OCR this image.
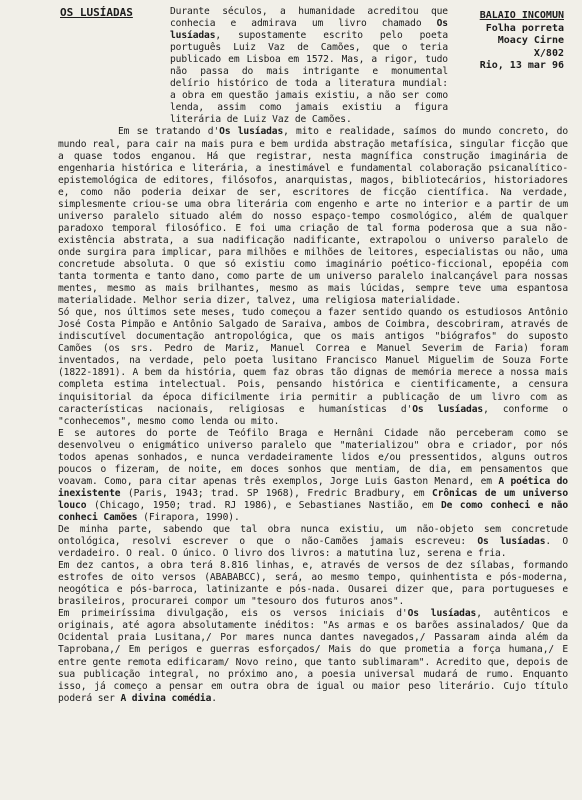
OS LUSÍADAS	BALAIO INCOMUN
Folha porreta
Moacy Cirne
X/802
Rio, 13 mar 96

Durante séculos, a humanidade acreditou que conhecia e admirava um livro chamado Os lusíadas, supostamente escrito pelo poeta português Luiz Vaz de Camões, que o teria publicado em Lisboa em 1572. Mas, a rigor, tudo não passa do mais intrigante e monumental delírio histórico de toda a literatura mundial: a obra em questão jamais existiu, a não ser como lenda, assim como jamais existiu a figura literária de Luiz Vaz de Camões.

Em se tratando d'Os lusíadas, mito e realidade, saímos do mundo concreto, do mundo real, para cair na mais pura e bem urdida abstração metafísica, singular ficção que a quase todos enganou. Há que registrar, nesta magnífica construção imaginária de engenharia histórica e literária, a inestimável e fundamental colaboração psicanalítico-epistemológica de editores, filósofos, anarquistas, magos, bibliotecários, historiadores e, como não poderia deixar de ser, escritores de ficção científica. Na verdade, simplesmente criou-se uma obra literária com engenho e arte no interior e a partir de um universo paralelo situado além do nosso espaço-tempo cosmológico, além de qualquer paradoxo temporal filosófico. E foi uma criação de tal forma poderosa que a sua não-existência abstrata, a sua nadificação nadificante, extrapolou o universo paralelo de onde surgira para implicar, para milhões e milhões de leitores, especialistas ou não, uma concretude absoluta. O que só existiu como imaginário poético-ficcional, epopéia com tanta tormenta e tanto dano, como parte de um universo paralelo inalcançável para nossas mentes, mesmo as mais brilhantes, mesmo as mais lúcidas, sempre teve uma espantosa materialidade. Melhor seria dizer, talvez, uma religiosa materialidade.

Só que, nos últimos sete meses, tudo começou a fazer sentido quando os estudiosos Antônio José Costa Pimpão e Antônio Salgado de Saraiva, ambos de Coimbra, descobriram, através de indiscutível documentação antropológica, que os mais antigos "biógrafos" do suposto Camões (os srs. Pedro de Mariz, Manuel Correa e Manuel Severim de Faria) foram inventados, na verdade, pelo poeta lusitano Francisco Manuel Miguelim de Souza Forte (1822-1891). A bem da história, quem faz obras tão dignas de memória merece a nossa mais completa estima intelectual. Pois, pensando histórica e cientificamente, a censura inquisitorial da época dificilmente iria permitir a publicação de um livro com as características nacionais, religiosas e humanísticas d'Os lusíadas, conforme o "conhecemos", mesmo como lenda ou mito.

E se autores do porte de Teófilo Braga e Hernâni Cidade não perceberam como se desenvolveu o enigmático universo paralelo que "materializou" obra e criador, por nós todos apenas sonhados, e nunca verdadeiramente lidos e/ou pressentidos, alguns outros poucos o fizeram, de noite, em doces sonhos que mentiam, de dia, em pensamentos que voavam. Como, para citar apenas três exemplos, Jorge Luis Gaston Menard, em A poética do inexistente (Paris, 1943; trad. SP 1968), Fredric Bradbury, em Crônicas de um universo louco (Chicago, 1950; trad. RJ 1986), e Sebastianes Nastião, em De como conheci e não conheci Camões (Firapora, 1990).

De minha parte, sabendo que tal obra nunca existiu, um não-objeto sem concretude ontológica, resolvi escrever o que o não-Camões jamais escreveu: Os lusíadas. O verdadeiro. O real. O único. O livro dos livros: a matutina luz, serena e fria.

Em dez cantos, a obra terá 8.816 linhas, e, através de versos de dez sílabas, formando estrofes de oito versos (ABABABCC), será, ao mesmo tempo, quinhentista e pós-moderna, neogótica e pós-barroca, latinizante e pós-nada. Ousarei dizer que, para portugueses e brasileiros, procurarei compor um "tesouro dos futuros anos".

Em primeiríssima divulgação, eis os versos iniciais d'Os lusíadas, autênticos e originais, até agora absolutamente inéditos: "As armas e os barões assinalados/ Que da Ocidental praia Lusitana,/ Por mares nunca dantes navegados,/ Passaram ainda além da Taprobana,/ Em perigos e guerras esforçados/ Mais do que prometia a força humana,/ E entre gente remota edificaram/ Novo reino, que tanto sublimaram". Acredito que, depois de sua publicação integral, no próximo ano, a poesia universal mudará de rumo. Enquanto isso, já começo a pensar em outra obra de igual ou maior peso literário. Cujo título poderá ser A divina comédia.
